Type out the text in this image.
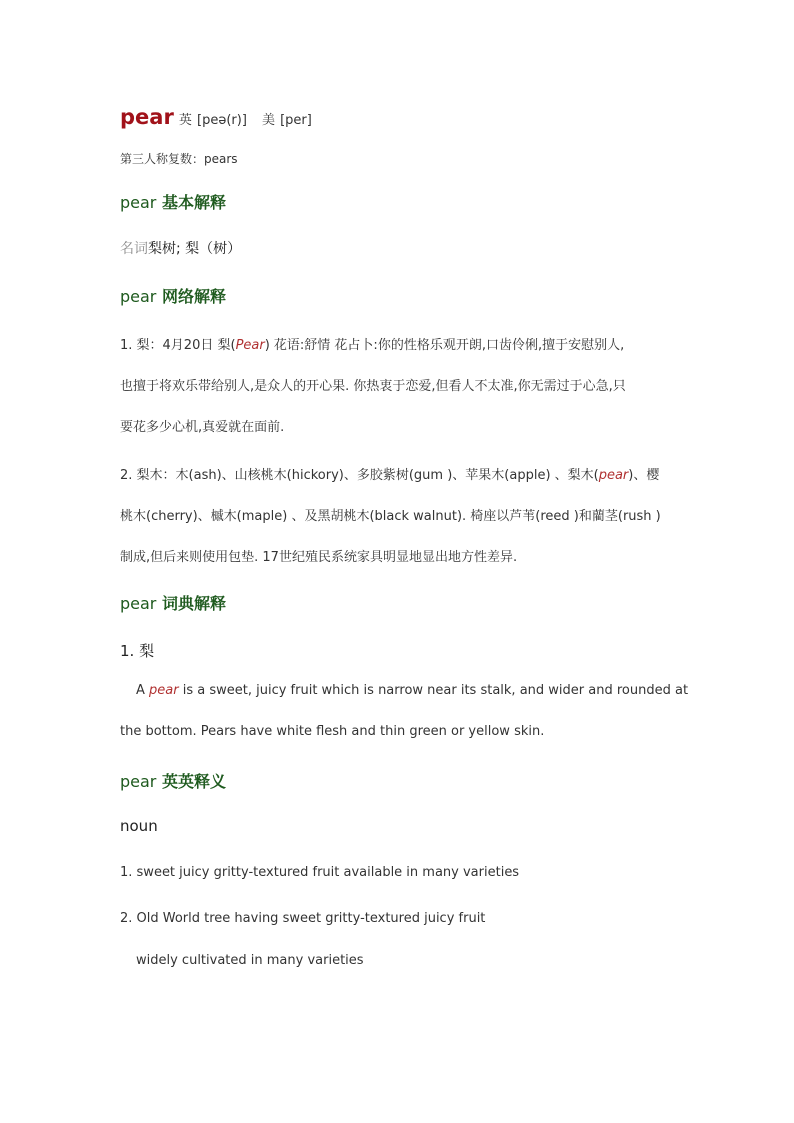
pear 英 [peə(r)] 美 [per]
第三人称复数：pears
pear 基本解释
名词梨树; 梨（树）
pear 网络解释
1. 梨：4月20日 梨(Pear) 花语:舒情 花占卜:你的性格乐观开朗,口齿伶俐,擅于安慰别人,
也擅于将欢乐带给别人,是众人的开心果. 你热衷于恋爱,但看人不太准,你无需过于心急,只
要花多少心机,真爱就在面前.
2. 梨木：木(ash)、山核桃木(hickory)、多胶紫树(gum )、苹果木(apple) 、梨木(pear)、樱
桃木(cherry)、槭木(maple) 、及黑胡桃木(black walnut). 椅座以芦苇(reed )和藺茎(rush )
制成,但后来则使用包垫. 17世纪殖民系统家具明显地显出地方性差异.
pear 词典解释
1. 梨
A pear is a sweet, juicy fruit which is narrow near its stalk, and wider and rounded at
the bottom. Pears have white flesh and thin green or yellow skin.
pear 英英释义
noun
1. sweet juicy gritty-textured fruit available in many varieties
2. Old World tree having sweet gritty-textured juicy fruit
widely cultivated in many varieties
